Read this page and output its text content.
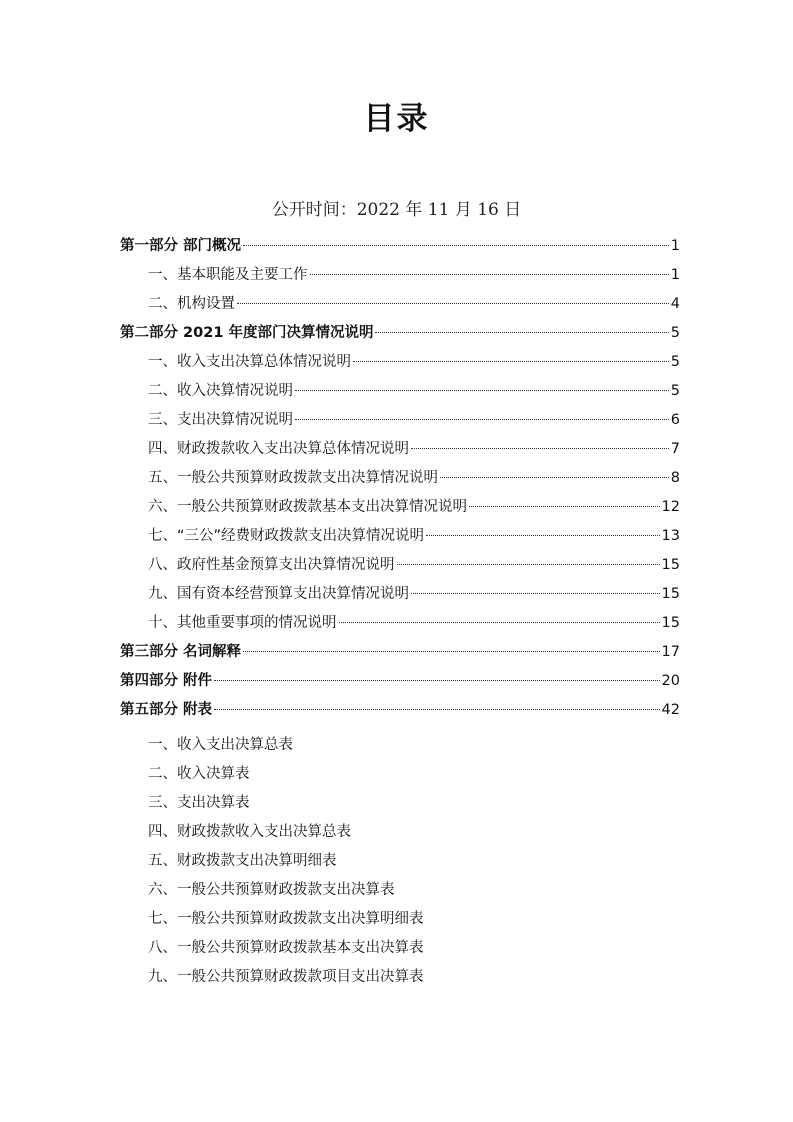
目录
公开时间：2022 年 11 月 16 日
第一部分 部门概况	1
一、基本职能及主要工作	1
二、机构设置	4
第二部分 2021 年度部门决算情况说明	5
一、收入支出决算总体情况说明	5
二、收入决算情况说明	5
三、支出决算情况说明	6
四、财政拨款收入支出决算总体情况说明	7
五、一般公共预算财政拨款支出决算情况说明	8
六、一般公共预算财政拨款基本支出决算情况说明	12
七、“三公”经费财政拨款支出决算情况说明	13
八、政府性基金预算支出决算情况说明	15
九、国有资本经营预算支出决算情况说明	15
十、其他重要事项的情况说明	15
第三部分 名词解释	17
第四部分 附件	20
第五部分 附表	42
一、收入支出决算总表
二、收入决算表
三、支出决算表
四、财政拨款收入支出决算总表
五、财政拨款支出决算明细表
六、一般公共预算财政拨款支出决算表
七、一般公共预算财政拨款支出决算明细表
八、一般公共预算财政拨款基本支出决算表
九、一般公共预算财政拨款项目支出决算表
